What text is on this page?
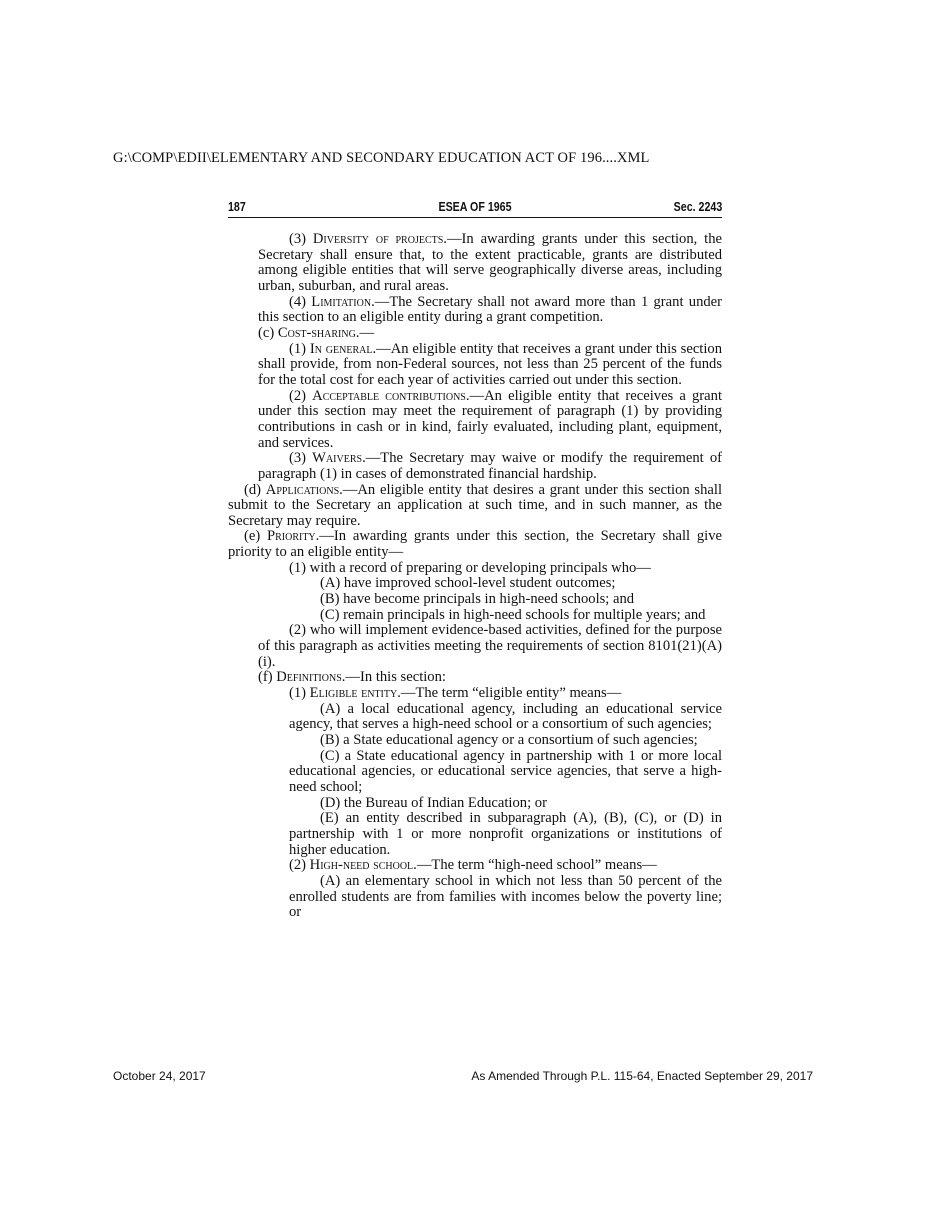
G:\COMP\EDII\ELEMENTARY AND SECONDARY EDUCATION ACT OF 196....XML
187	ESEA OF 1965	Sec. 2243

(3) Diversity of projects.—In awarding grants under this section, the Secretary shall ensure that, to the extent practicable, grants are distributed among eligible entities that will serve geographically diverse areas, including urban, suburban, and rural areas.

(4) Limitation.—The Secretary shall not award more than 1 grant under this section to an eligible entity during a grant competition.

(c) Cost-sharing.—

(1) In general.—An eligible entity that receives a grant under this section shall provide, from non-Federal sources, not less than 25 percent of the funds for the total cost for each year of activities carried out under this section.

(2) Acceptable contributions.—An eligible entity that receives a grant under this section may meet the requirement of paragraph (1) by providing contributions in cash or in kind, fairly evaluated, including plant, equipment, and services.

(3) Waivers.—The Secretary may waive or modify the requirement of paragraph (1) in cases of demonstrated financial hardship.

(d) Applications.—An eligible entity that desires a grant under this section shall submit to the Secretary an application at such time, and in such manner, as the Secretary may require.

(e) Priority.—In awarding grants under this section, the Secretary shall give priority to an eligible entity—

(1) with a record of preparing or developing principals who—

(A) have improved school-level student outcomes;

(B) have become principals in high-need schools; and

(C) remain principals in high-need schools for multiple years; and

(2) who will implement evidence-based activities, defined for the purpose of this paragraph as activities meeting the requirements of section 8101(21)(A)(i).

(f) Definitions.—In this section:

(1) Eligible entity.—The term “eligible entity” means—

(A) a local educational agency, including an educational service agency, that serves a high-need school or a consortium of such agencies;

(B) a State educational agency or a consortium of such agencies;

(C) a State educational agency in partnership with 1 or more local educational agencies, or educational service agencies, that serve a high-need school;

(D) the Bureau of Indian Education; or

(E) an entity described in subparagraph (A), (B), (C), or (D) in partnership with 1 or more nonprofit organizations or institutions of higher education.

(2) High-need school.—The term “high-need school” means—

(A) an elementary school in which not less than 50 percent of the enrolled students are from families with incomes below the poverty line; or

October 24, 2017	As Amended Through P.L. 115-64, Enacted September 29, 2017
